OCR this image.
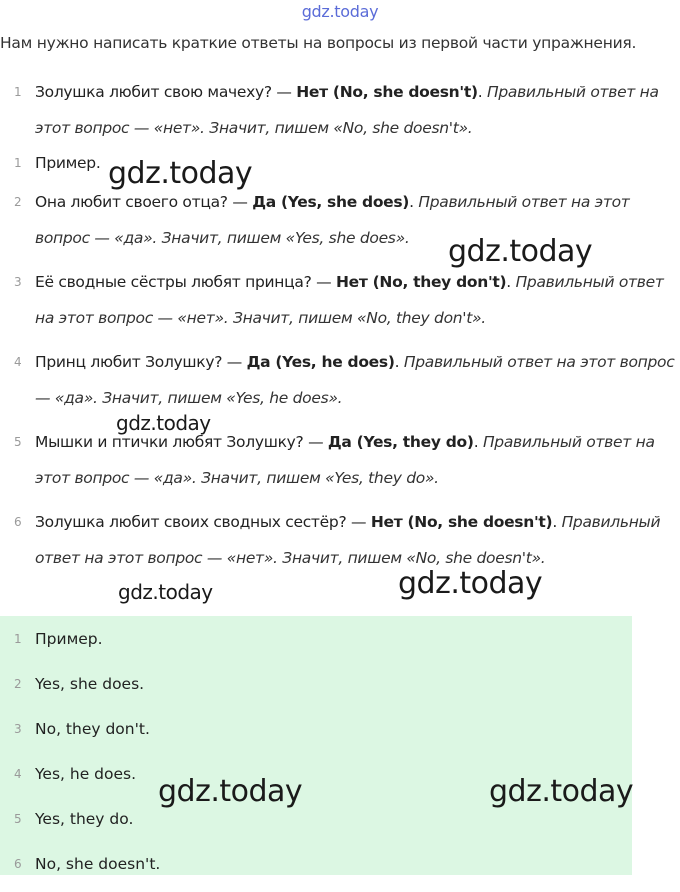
gdz.today
Нам нужно написать краткие ответы на вопросы из первой части упражнения.
1 Золушка любит свою мачеху? — Нет (No, she doesn't). Правильный ответ на этот вопрос — «нет». Значит, пишем «No, she doesn't».
1 Пример.
2 Она любит своего отца? — Да (Yes, she does). Правильный ответ на этот вопрос — «да». Значит, пишем «Yes, she does».
3 Её сводные сёстры любят принца? — Нет (No, they don't). Правильный ответ на этот вопрос — «нет». Значит, пишем «No, they don't».
4 Принц любит Золушку? — Да (Yes, he does). Правильный ответ на этот вопрос — «да». Значит, пишем «Yes, he does».
5 Мышки и птички любят Золушку? — Да (Yes, they do). Правильный ответ на этот вопрос — «да». Значит, пишем «Yes, they do».
6 Золушка любит своих сводных сестёр? — Нет (No, she doesn't). Правильный ответ на этот вопрос — «нет». Значит, пишем «No, she doesn't».
1 Пример.
2 Yes, she does.
3 No, they don't.
4 Yes, he does.
5 Yes, they do.
6 No, she doesn't.
gdz.today
gdz.today
gdz.today
gdz.today	gdz.today
gdz.today	gdz.today
